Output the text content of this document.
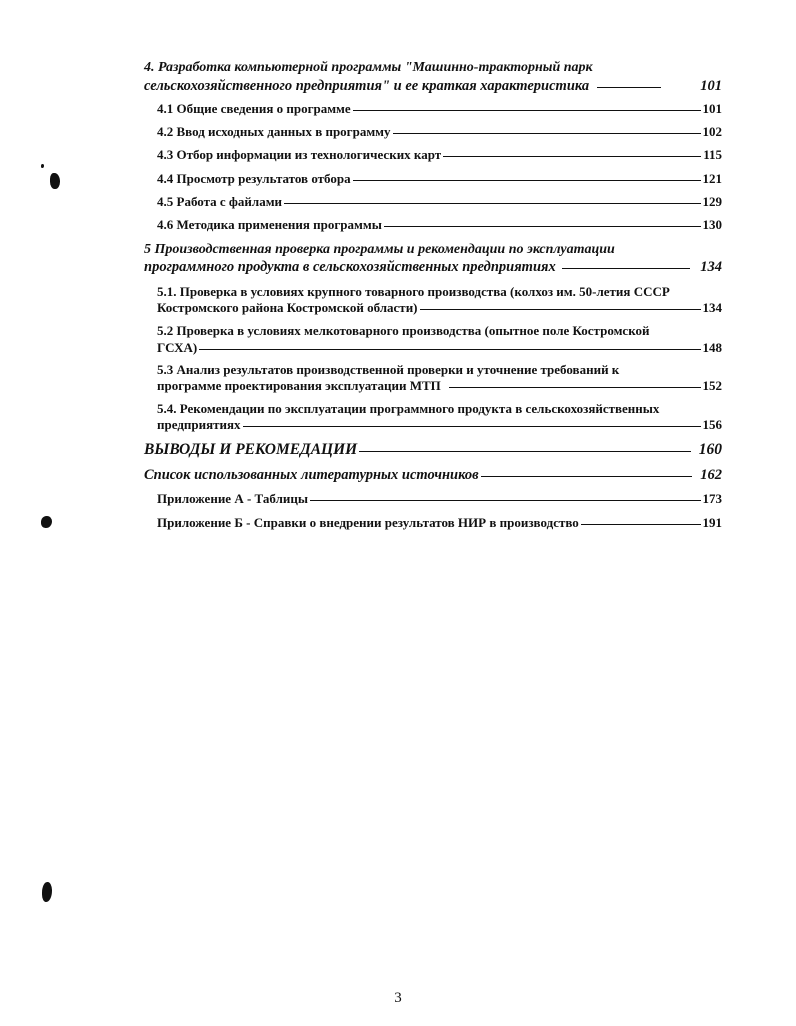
4. Разработка компьютерной программы "Машинно-тракторный парк
сельскохозяйственного предприятия" и ее краткая характеристика	101
4.1 Общие сведения о программе	101
4.2 Ввод исходных данных в программу	102
4.3 Отбор информации из технологических карт	115
4.4 Просмотр результатов отбора	121
4.5 Работа с файлами	129
4.6 Методика применения программы	130
5 Производственная проверка программы и рекомендации по эксплуатации
программного продукта в сельскохозяйственных предприятиях	134
5.1. Проверка в условиях крупного товарного производства (колхоз им. 50-летия СССР
Костромского района Костромской области)	134
5.2 Проверка в условиях мелкотоварного производства (опытное поле Костромской
ГСХА)	148
5.3 Анализ результатов производственной проверки и уточнение требований к
программе проектирования эксплуатации МТП	152
5.4. Рекомендации по эксплуатации программного продукта в сельскохозяйственных
предприятиях	156
ВЫВОДЫ И РЕКОМЕДАЦИИ	160
Список использованных литературных источников	162
Приложение А - Таблицы	173
Приложение Б - Справки о внедрении результатов НИР в производство	191
3
